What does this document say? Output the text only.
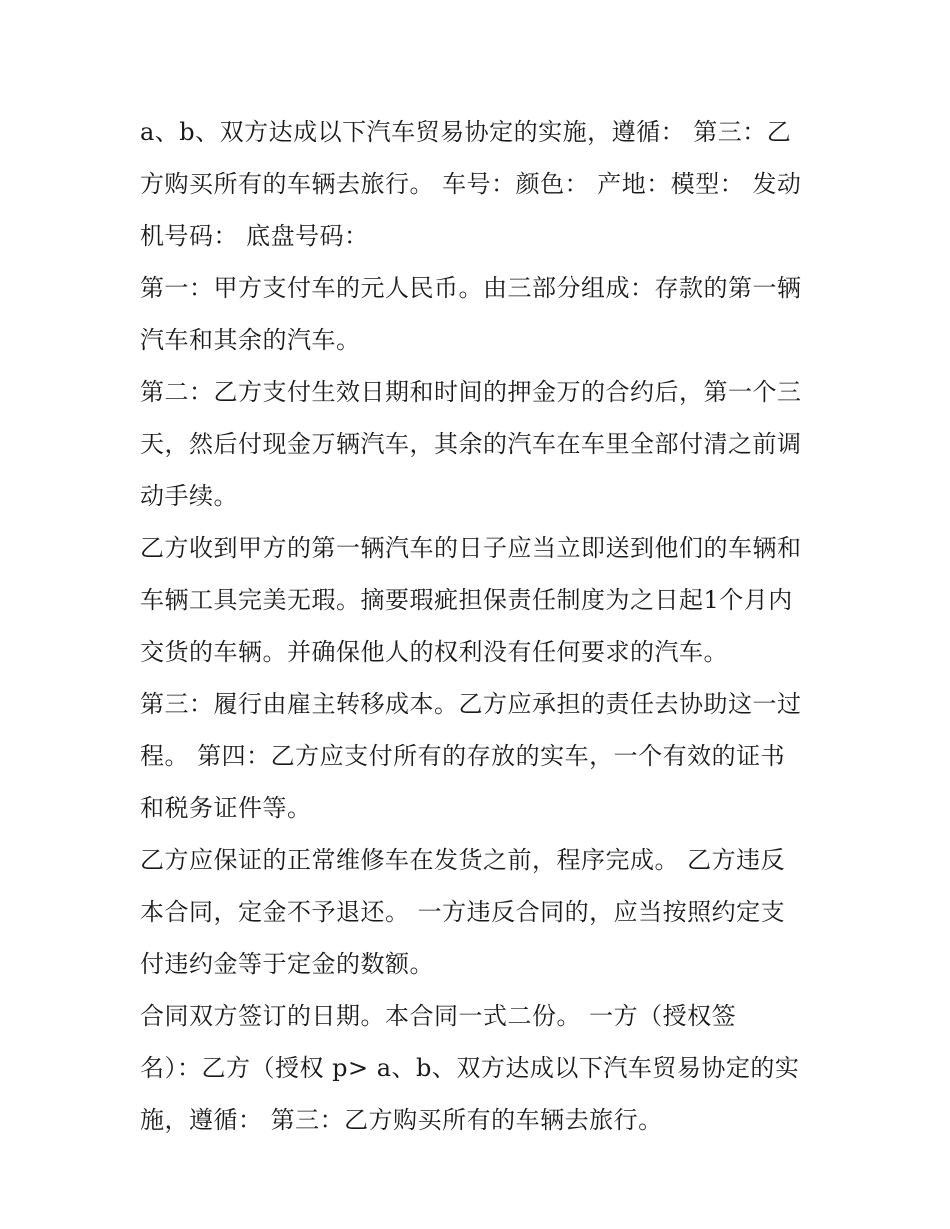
a、b、双方达成以下汽车贸易协定的实施，遵循： 第三：乙
方购买所有的车辆去旅行。 车号：颜色： 产地：模型： 发动
机号码： 底盘号码：
第一：甲方支付车的元人民币。由三部分组成：存款的第一辆
汽车和其余的汽车。
第二：乙方支付生效日期和时间的押金万的合约后，第一个三
天，然后付现金万辆汽车，其余的汽车在车里全部付清之前调
动手续。
乙方收到甲方的第一辆汽车的日子应当立即送到他们的车辆和
车辆工具完美无瑕。摘要瑕疵担保责任制度为之日起1个月内
交货的车辆。并确保他人的权利没有任何要求的汽车。
第三：履行由雇主转移成本。乙方应承担的责任去协助这一过
程。 第四：乙方应支付所有的存放的实车，一个有效的证书
和税务证件等。
乙方应保证的正常维修车在发货之前，程序完成。 乙方违反
本合同，定金不予退还。 一方违反合同的，应当按照约定支
付违约金等于定金的数额。
合同双方签订的日期。本合同一式二份。 一方（授权签
名）：乙方（授权 p> a、b、双方达成以下汽车贸易协定的实
施，遵循： 第三：乙方购买所有的车辆去旅行。
